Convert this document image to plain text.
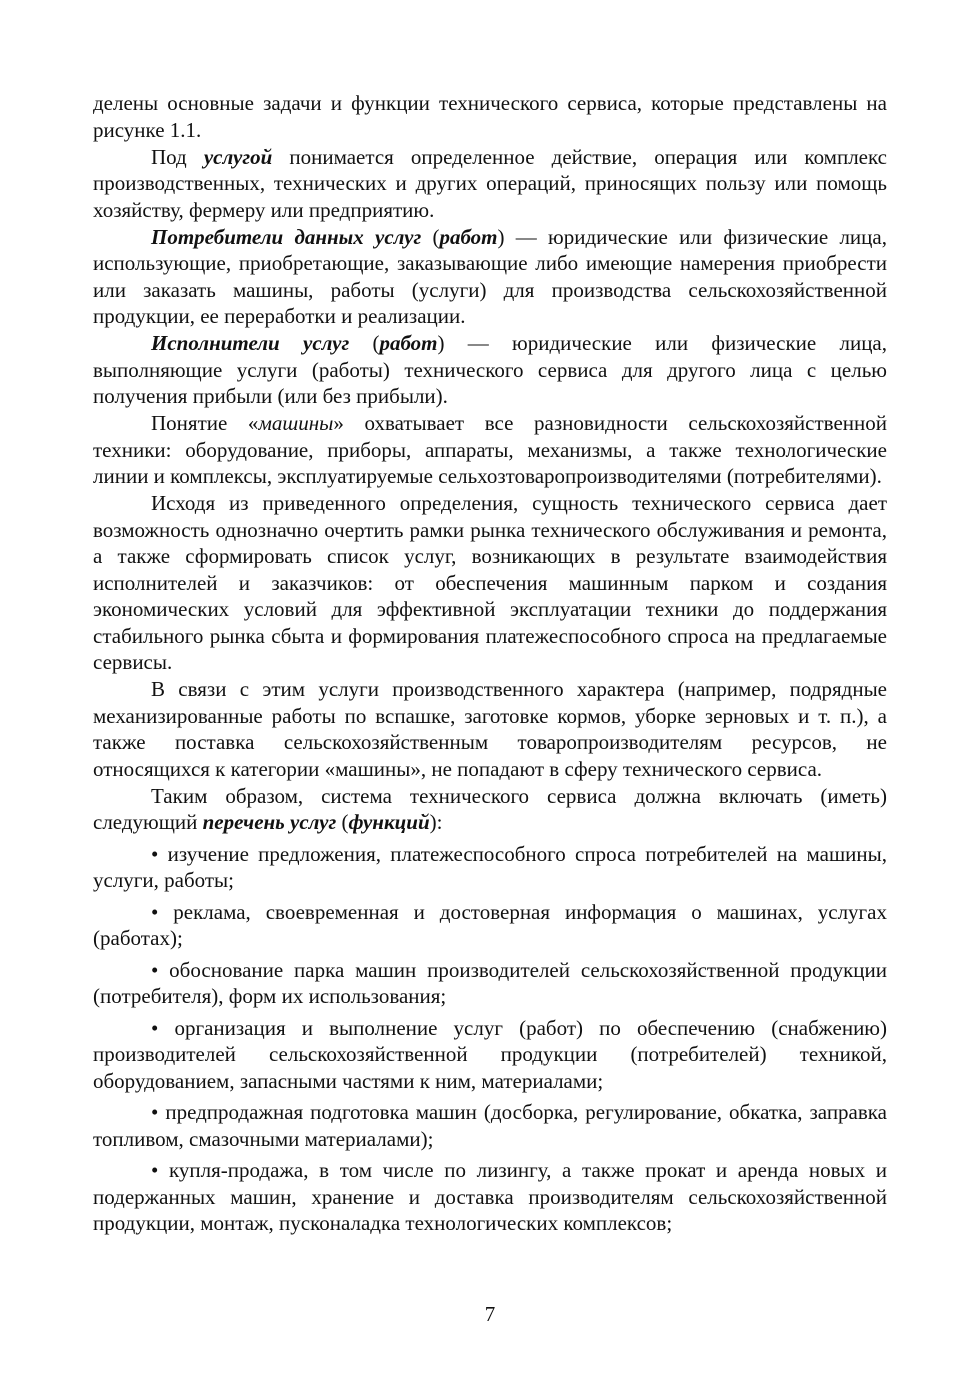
делены основные задачи и функции технического сервиса, которые представлены на рисунке 1.1.

Под услугой понимается определенное действие, операция или комплекс производственных, технических и других операций, приносящих пользу или помощь хозяйству, фермеру или предприятию.

Потребители данных услуг (работ) — юридические или физические лица, использующие, приобретающие, заказывающие либо имеющие намерения приобрести или заказать машины, работы (услуги) для производства сельскохозяйственной продукции, ее переработки и реализации.

Исполнители услуг (работ) — юридические или физические лица, выполняющие услуги (работы) технического сервиса для другого лица с целью получения прибыли (или без прибыли).

Понятие «машины» охватывает все разновидности сельскохозяйственной техники: оборудование, приборы, аппараты, механизмы, а также технологические линии и комплексы, эксплуатируемые сельхозтоваропроизводителями (потребителями).

Исходя из приведенного определения, сущность технического сервиса дает возможность однозначно очертить рамки рынка технического обслуживания и ремонта, а также сформировать список услуг, возникающих в результате взаимодействия исполнителей и заказчиков: от обеспечения машинным парком и создания экономических условий для эффективной эксплуатации техники до поддержания стабильного рынка сбыта и формирования платежеспособного спроса на предлагаемые сервисы.

В связи с этим услуги производственного характера (например, подрядные механизированные работы по вспашке, заготовке кормов, уборке зерновых и т. п.), а также поставка сельскохозяйственным товаропроизводителям ресурсов, не относящихся к категории «машины», не попадают в сферу технического сервиса.

Таким образом, система технического сервиса должна включать (иметь) следующий перечень услуг (функций):

• изучение предложения, платежеспособного спроса потребителей на машины, услуги, работы;

• реклама, своевременная и достоверная информация о машинах, услугах (работах);

• обоснование парка машин производителей сельскохозяйственной продукции (потребителя), форм их использования;

• организация и выполнение услуг (работ) по обеспечению (снабжению) производителей сельскохозяйственной продукции (потребителей) техникой, оборудованием, запасными частями к ним, материалами;

• предпродажная подготовка машин (досборка, регулирование, обкатка, заправка топливом, смазочными материалами);

• купля-продажа, в том числе по лизингу, а также прокат и аренда новых и подержанных машин, хранение и доставка производителям сельскохозяйственной продукции, монтаж, пусконаладка технологических комплексов;

7
